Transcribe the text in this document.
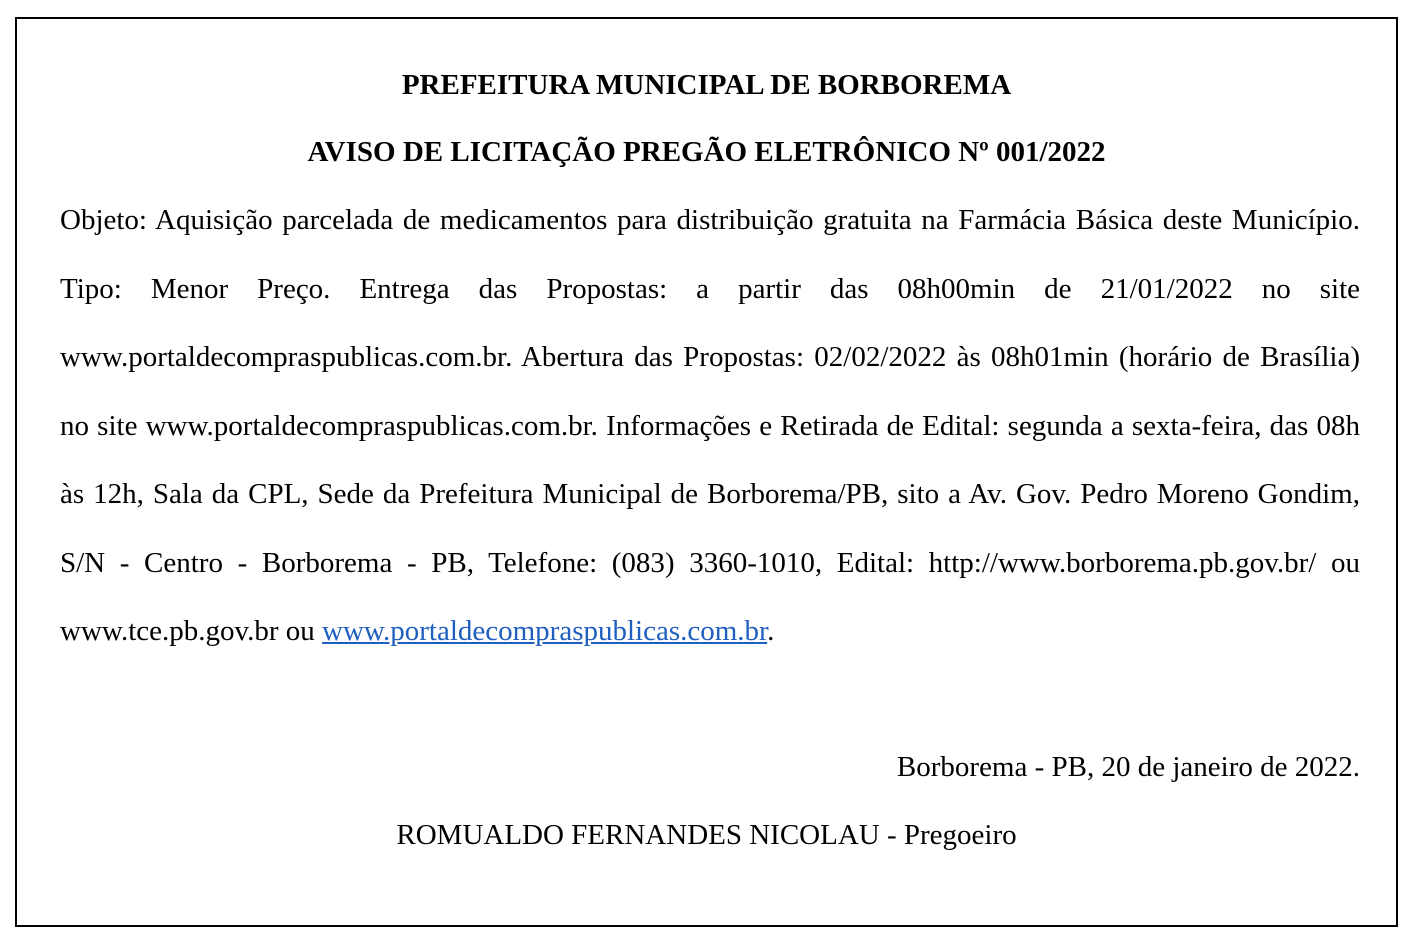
PREFEITURA MUNICIPAL DE BORBOREMA
AVISO DE LICITAÇÃO PREGÃO ELETRÔNICO Nº 001/2022
Objeto: Aquisição parcelada de medicamentos para distribuição gratuita na Farmácia Básica deste Município. Tipo: Menor Preço. Entrega das Propostas: a partir das 08h00min de 21/01/2022 no site www.portaldecompraspublicas.com.br. Abertura das Propostas: 02/02/2022 às 08h01min (horário de Brasília) no site www.portaldecompraspublicas.com.br. Informações e Retirada de Edital: segunda a sexta-feira, das 08h às 12h, Sala da CPL, Sede da Prefeitura Municipal de Borborema/PB, sito a Av. Gov. Pedro Moreno Gondim, S/N - Centro - Borborema - PB, Telefone: (083) 3360-1010, Edital: http://www.borborema.pb.gov.br/ ou www.tce.pb.gov.br ou www.portaldecompraspublicas.com.br.
Borborema - PB, 20 de janeiro de 2022.
ROMUALDO FERNANDES NICOLAU - Pregoeiro
